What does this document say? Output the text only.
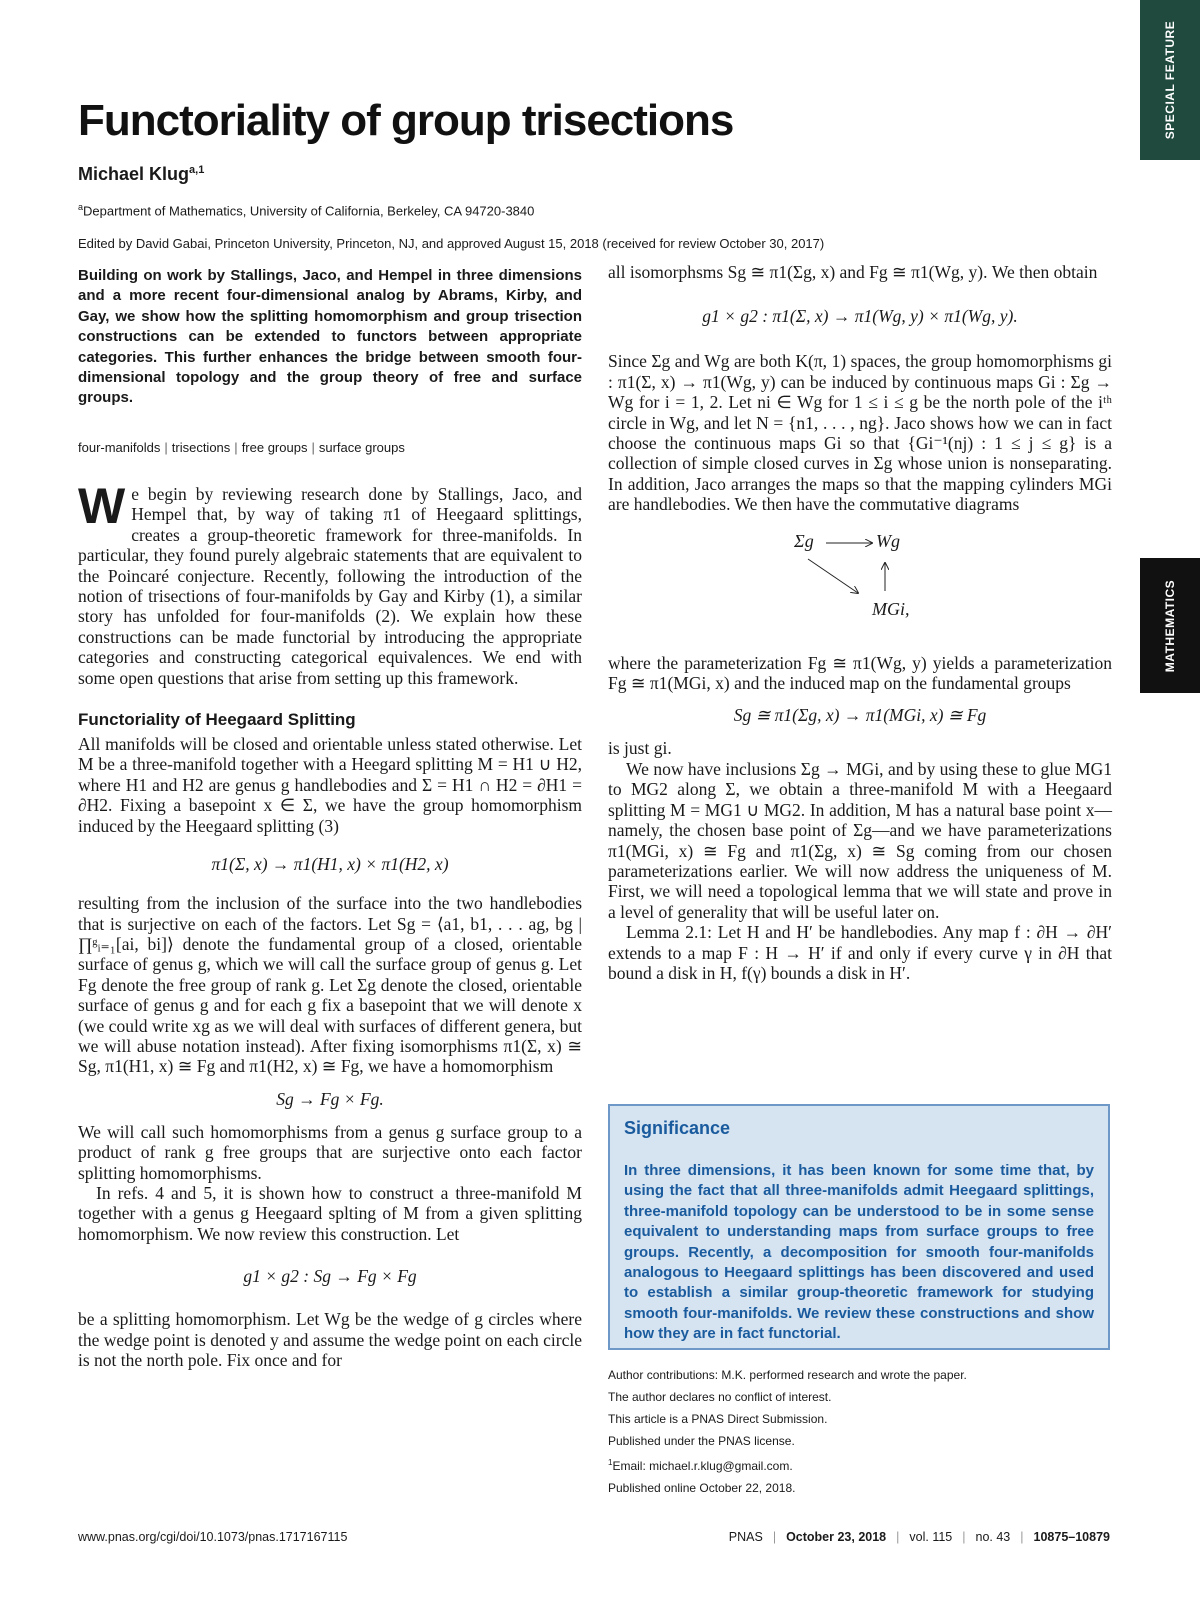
SPECIAL FEATURE
MATHEMATICS
Functoriality of group trisections
Michael Klug$^{a,1}$
$^a$Department of Mathematics, University of California, Berkeley, CA 94720-3840
Edited by David Gabai, Princeton University, Princeton, NJ, and approved August 15, 2018 (received for review October 30, 2017)
Building on work by Stallings, Jaco, and Hempel in three dimensions and a more recent four-dimensional analog by Abrams, Kirby, and Gay, we show how the splitting homomorphism and group trisection constructions can be extended to functors between appropriate categories. This further enhances the bridge between smooth four-dimensional topology and the group theory of free and surface groups.
four-manifolds | trisections | free groups | surface groups

We begin by reviewing research done by Stallings, Jaco, and Hempel that, by way of taking π1 of Heegaard splittings, creates a group-theoretic framework for three-manifolds. In particular, they found purely algebraic statements that are equivalent to the Poincaré conjecture. Recently, following the introduction of the notion of trisections of four-manifolds by Gay and Kirby (1), a similar story has unfolded for four-manifolds (2). We explain how these constructions can be made functorial by introducing the appropriate categories and constructing categorical equivalences. We end with some open questions that arise from setting up this framework.

Functoriality of Heegaard Splitting

All manifolds will be closed and orientable unless stated otherwise. Let M be a three-manifold together with a Heegard splitting M = H1 ∪ H2, where H1 and H2 are genus g handlebodies and Σ = H1 ∩ H2 = ∂H1 = ∂H2. Fixing a basepoint x ∈ Σ, we have the group homomorphism induced by the Heegaard splitting (3)

π1(Σ, x) → π1(H1, x) × π1(H2, x)

resulting from the inclusion of the surface into the two handlebodies that is surjective on each of the factors. Let Sg = ⟨a1, b1, . . . ag, bg | ∏ᵍᵢ₌₁[ai, bi]⟩ denote the fundamental group of a closed, orientable surface of genus g, which we will call the surface group of genus g. Let Fg denote the free group of rank g. Let Σg denote the closed, orientable surface of genus g and for each g fix a basepoint that we will denote x (we could write xg as we will deal with surfaces of different genera, but we will abuse notation instead). After fixing isomorphisms π1(Σ, x) ≅ Sg, π1(H1, x) ≅ Fg and π1(H2, x) ≅ Fg, we have a homomorphism

Sg → Fg × Fg.

We will call such homomorphisms from a genus g surface group to a product of rank g free groups that are surjective onto each factor splitting homomorphisms.

In refs. 4 and 5, it is shown how to construct a three-manifold M together with a genus g Heegaard splting of M from a given splitting homomorphism. We now review this construction. Let

g1 × g2 : Sg → Fg × Fg

be a splitting homomorphism. Let Wg be the wedge of g circles where the wedge point is denoted y and assume the wedge point on each circle is not the north pole. Fix once and for

all isomorphsms Sg ≅ π1(Σg, x) and Fg ≅ π1(Wg, y). We then obtain

g1 × g2 : π1(Σ, x) → π1(Wg, y) × π1(Wg, y).

Since Σg and Wg are both K(π, 1) spaces, the group homomorphisms gi : π1(Σ, x) → π1(Wg, y) can be induced by continuous maps Gi : Σg → Wg for i = 1, 2. Let ni ∈ Wg for 1 ≤ i ≤ g be the north pole of the iᵗʰ circle in Wg, and let N = {n1, . . . , ng}. Jaco shows how we can in fact choose the continuous maps Gi so that {Gi⁻¹(nj) : 1 ≤ j ≤ g} is a collection of simple closed curves in Σg whose union is nonseparating. In addition, Jaco arranges the maps so that the mapping cylinders MGi are handlebodies. We then have the commutative diagrams

Σg	Wg
MGi,

where the parameterization Fg ≅ π1(Wg, y) yields a parameterization Fg ≅ π1(MGi, x) and the induced map on the fundamental groups

Sg ≅ π1(Σg, x) → π1(MGi, x) ≅ Fg

is just gi.

We now have inclusions Σg → MGi, and by using these to glue MG1 to MG2 along Σ, we obtain a three-manifold M with a Heegaard splitting M = MG1 ∪ MG2. In addition, M has a natural base point x—namely, the chosen base point of Σg—and we have parameterizations π1(MGi, x) ≅ Fg and π1(Σg, x) ≅ Sg coming from our chosen parameterizations earlier. We will now address the uniqueness of M. First, we will need a topological lemma that we will state and prove in a level of generality that will be useful later on.

Lemma 2.1: Let H and H′ be handlebodies. Any map f : ∂H → ∂H′ extends to a map F : H → H′ if and only if every curve γ in ∂H that bound a disk in H, f(γ) bounds a disk in H′.

Significance
In three dimensions, it has been known for some time that, by using the fact that all three-manifolds admit Heegaard splittings, three-manifold topology can be understood to be in some sense equivalent to understanding maps from surface groups to free groups. Recently, a decomposition for smooth four-manifolds analogous to Heegaard splittings has been discovered and used to establish a similar group-theoretic framework for studying smooth four-manifolds. We review these constructions and show how they are in fact functorial.
Author contributions: M.K. performed research and wrote the paper.
The author declares no conflict of interest.
This article is a PNAS Direct Submission.
Published under the PNAS license.
$^1$Email: michael.r.klug@gmail.com.
Published online October 22, 2018.
www.pnas.org/cgi/doi/10.1073/pnas.1717167115	PNAS | October 23, 2018 | vol. 115 | no. 43 | 10875–10879
